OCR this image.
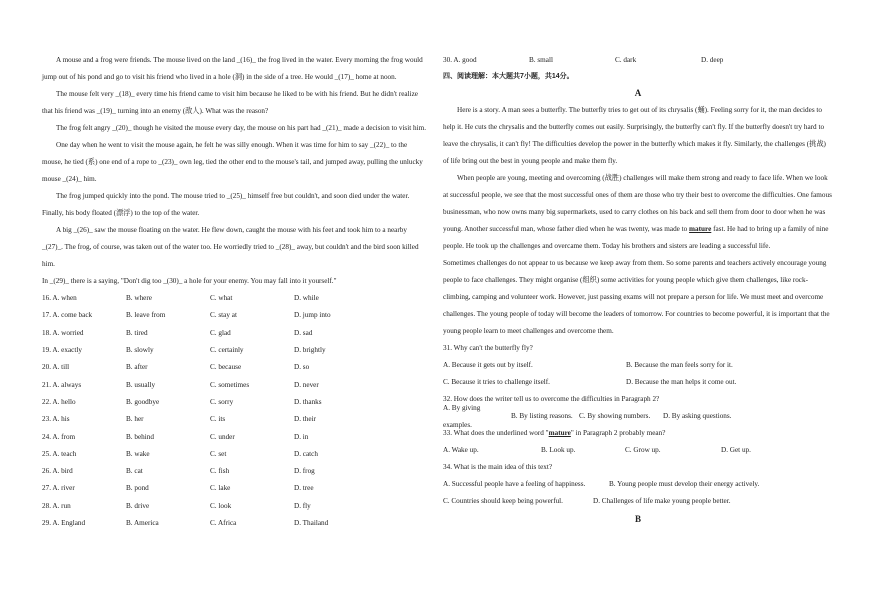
A mouse and a frog were friends. The mouse lived on the land _(16)_ the frog lived in the water. Every morning the frog would jump out of his pond and go to visit his friend who lived in a hole (洞) in the side of a tree. He would _(17)_ home at noon.

The mouse felt very _(18)_ every time his friend came to visit him because he liked to be with his friend. But he didn't realize that his friend was _(19)_ turning into an enemy (敌人). What was the reason?

The frog felt angry _(20)_ though he visited the mouse every day, the mouse on his part had _(21)_ made a decision to visit him.

One day when he went to visit the mouse again, he felt he was silly enough. When it was time for him to say _(22)_ to the mouse, he tied (系) one end of a rope to _(23)_ own leg, tied the other end to the mouse's tail, and jumped away, pulling the unlucky mouse _(24)_ him.

The frog jumped quickly into the pond. The mouse tried to _(25)_ himself free but couldn't, and soon died under the water. Finally, his body floated (漂浮) to the top of the water.

A big _(26)_ saw the mouse floating on the water. He flew down, caught the mouse with his feet and took him to a nearby _(27)_. The frog, of course, was taken out of the water too. He worriedly tried to _(28)_ away, but couldn't and the bird soon killed him.

In _(29)_ there is a saying, "Don't dig too _(30)_ a hole for your enemy. You may fall into it yourself."

16. A. when	B. where	C. what	D. while
17. A. come back	B. leave from	C. stay at	D. jump into
18. A. worried	B. tired	C. glad	D. sad
19. A. exactly	B. slowly	C. certainly	D. brightly
20. A. till	B. after	C. because	D. so
21. A. always	B. usually	C. sometimes	D. never
22. A. hello	B. goodbye	C. sorry	D. thanks
23. A. his	B. her	C. its	D. their
24. A. from	B. behind	C. under	D. in
25. A. teach	B. wake	C. set	D. catch
26. A. bird	B. cat	C. fish	D. frog
27. A. river	B. pond	C. lake	D. tree
28. A. run	B. drive	C. look	D. fly
29. A. England	B. America	C. Africa	D. Thailand
30. A. good	B. small	C. dark	D. deep
四、阅读理解：本大题共7小题，共14分。
A

Here is a story. A man sees a butterfly. The butterfly tries to get out of its chrysalis (蛹). Feeling sorry for it, the man decides to help it. He cuts the chrysalis and the butterfly comes out easily. Surprisingly, the butterfly can't fly. If the butterfly doesn't try hard to leave the chrysalis, it can't fly! The difficulties develop the power in the butterfly which makes it fly. Similarly, the challenges (挑战) of life bring out the best in young people and make them fly.

When people are young, meeting and overcoming (战胜) challenges will make them strong and ready to face life. When we look at successful people, we see that the most successful ones of them are those who try their best to overcome the difficulties. One famous businessman, who now owns many big supermarkets, used to carry clothes on his back and sell them from door to door when he was young. Another successful man, whose father died when he was twenty, was made to mature fast. He had to bring up a family of nine people. He took up the challenges and overcame them. Today his brothers and sisters are leading a successful life.

Sometimes challenges do not appear to us because we keep away from them. So some parents and teachers actively encourage young people to face challenges. They might organise (组织) some activities for young people which give them challenges, like rock-climbing, camping and volunteer work. However, just passing exams will not prepare a person for life. We must meet and overcome challenges. The young people of today will become the leaders of tomorrow. For countries to become powerful, it is important that the young people learn to meet challenges and overcome them.

31. Why can't the butterfly fly?

A. Because it gets out by itself.	B. Because the man feels sorry for it.
C. Because it tries to challenge itself.	D. Because the man helps it come out.

32. How does the writer tell us to overcome the difficulties in Paragraph 2?

A. By giving examples.
B. By listing reasons. C. By showing numbers.	D. By asking questions.

33. What does the underlined word "mature" in Paragraph 2 probably mean?

A. Wake up.	B. Look up.	C. Grow up.	D. Get up.

34. What is the main idea of this text?

A. Successful people have a feeling of happiness.	B. Young people must develop their energy actively.
C. Countries should keep being powerful.	D. Challenges of life make young people better.
B
